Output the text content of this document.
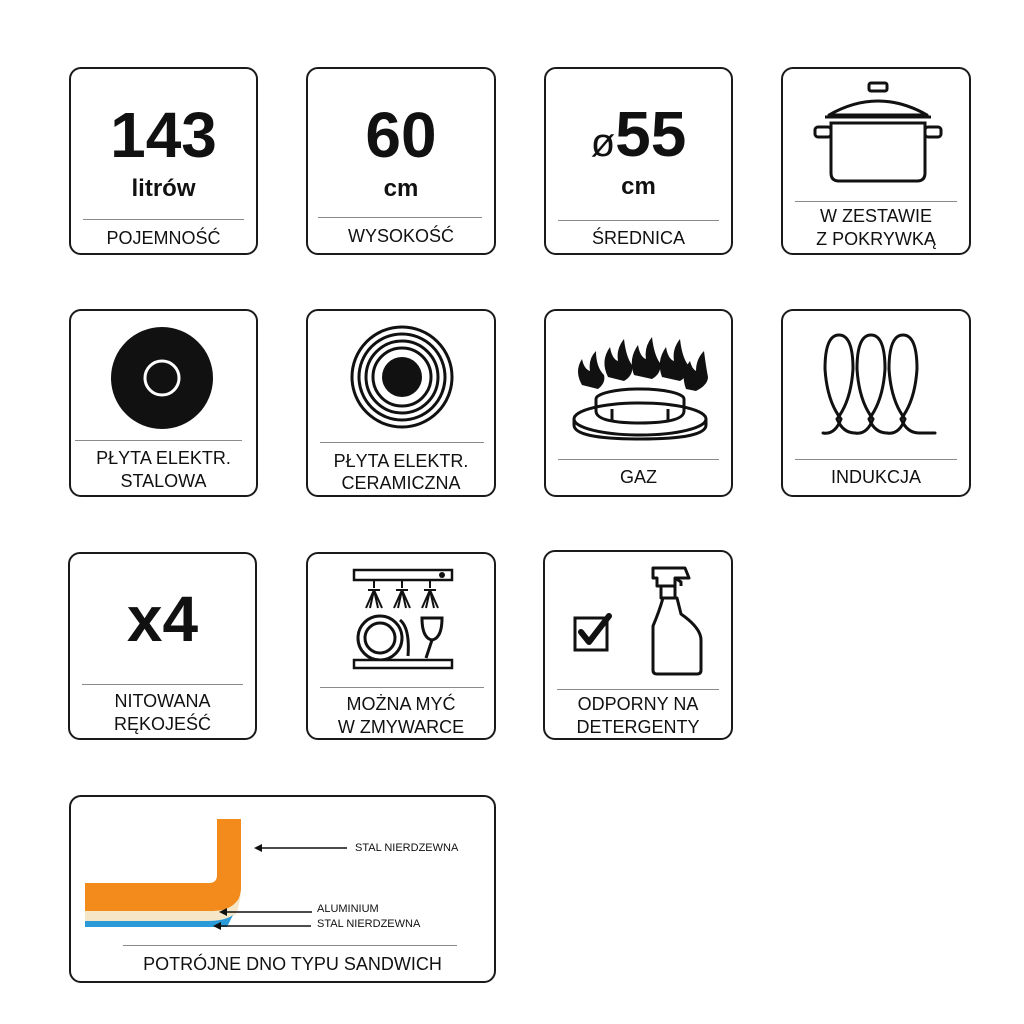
143
litrów
POJEMNOŚĆ
60
cm
WYSOKOŚĆ
ø55
cm
ŚREDNICA
W ZESTAWIE
Z POKRYWKĄ
PŁYTA ELEKTR.
STALOWA
PŁYTA ELEKTR.
CERAMICZNA	GAZ	INDUKCJA
x4
NITOWANA
RĘKOJEŚĆ
MOŻNA MYĆ
W ZMYWARCE
ODPORNY NA
DETERGENTY
STAL NIERDZEWNA
ALUMINIUM
STAL NIERDZEWNA
POTRÓJNE DNO TYPU SANDWICH
